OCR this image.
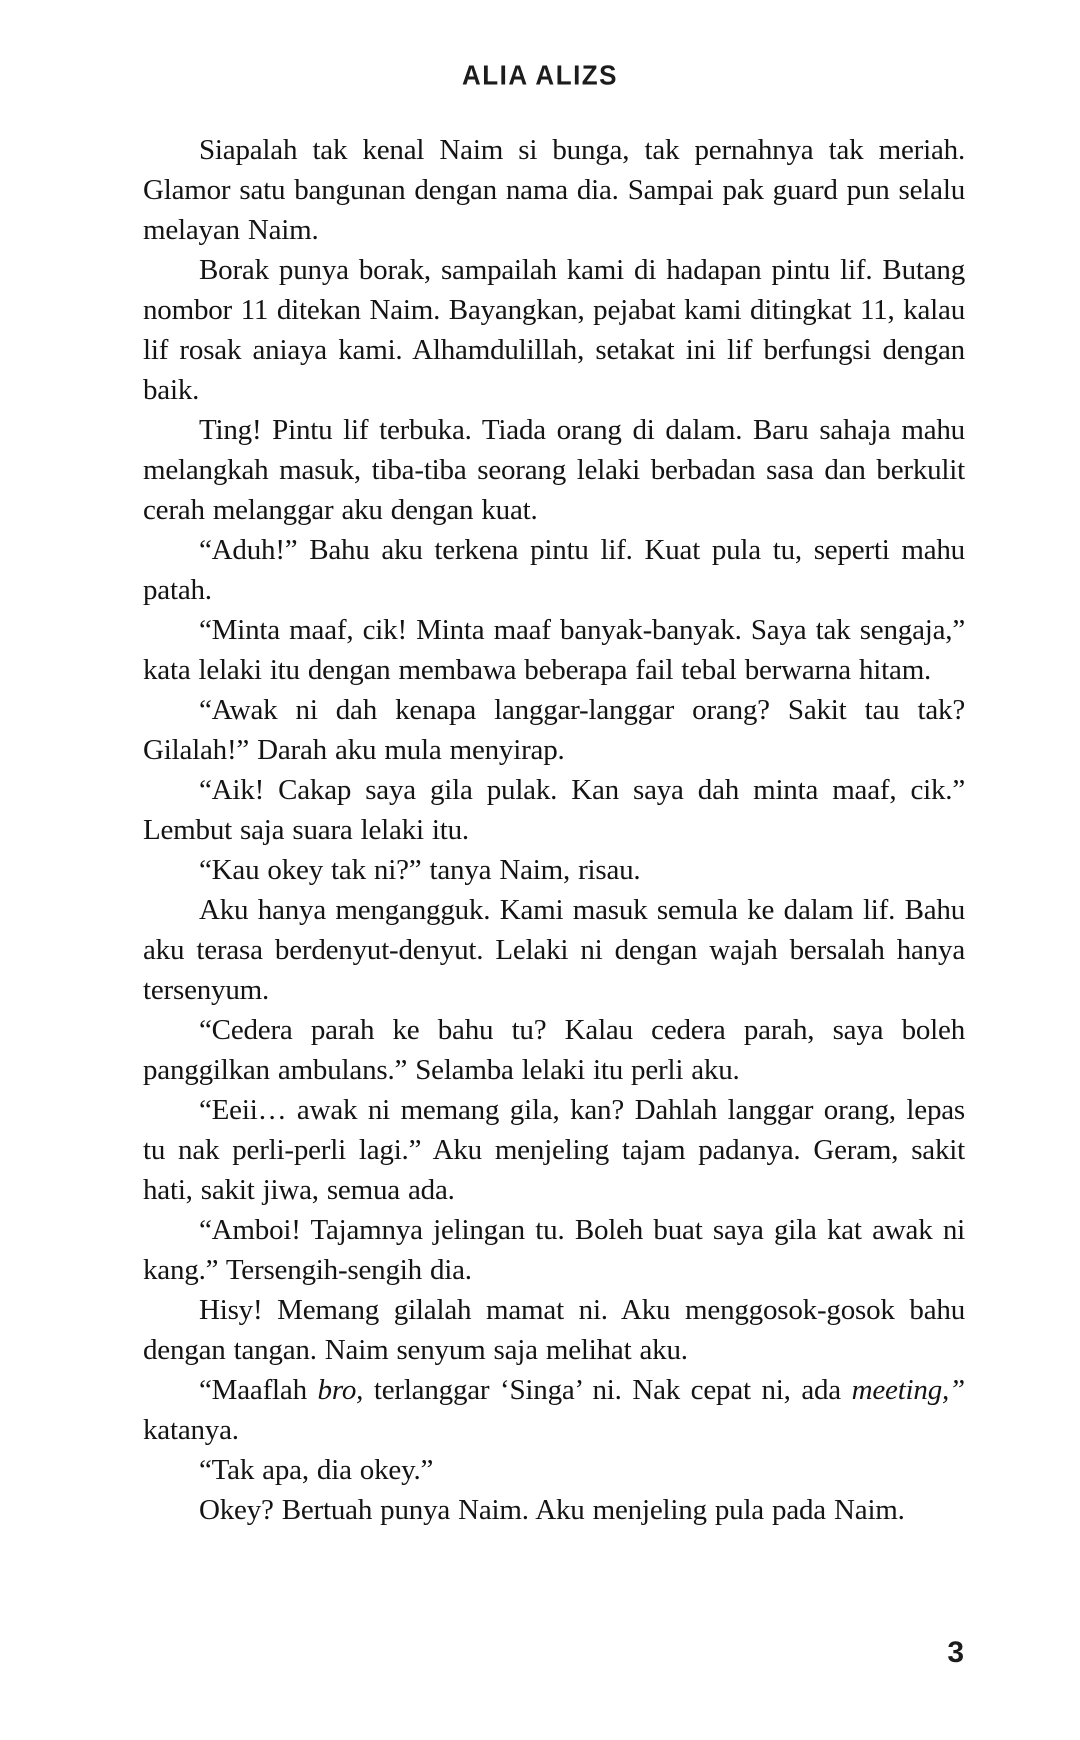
ALIA ALIZS

Siapalah tak kenal Naim si bunga, tak pernahnya tak meriah. Glamor satu bangunan dengan nama dia. Sampai pak guard pun selalu melayan Naim.

Borak punya borak, sampailah kami di hadapan pintu lif. Butang nombor 11 ditekan Naim. Bayangkan, pejabat kami ditingkat 11, kalau lif rosak aniaya kami. Alhamdulillah, setakat ini lif berfungsi dengan baik.

Ting! Pintu lif terbuka. Tiada orang di dalam. Baru sahaja mahu melangkah masuk, tiba-tiba seorang lelaki berbadan sasa dan berkulit cerah melanggar aku dengan kuat.

“Aduh!” Bahu aku terkena pintu lif. Kuat pula tu, seperti mahu patah.

“Minta maaf, cik! Minta maaf banyak-banyak. Saya tak sengaja,” kata lelaki itu dengan membawa beberapa fail tebal berwarna hitam.

“Awak ni dah kenapa langgar-langgar orang? Sakit tau tak? Gilalah!” Darah aku mula menyirap.

“Aik! Cakap saya gila pulak. Kan saya dah minta maaf, cik.” Lembut saja suara lelaki itu.

“Kau okey tak ni?” tanya Naim, risau.

Aku hanya mengangguk. Kami masuk semula ke dalam lif. Bahu aku terasa berdenyut-denyut. Lelaki ni dengan wajah bersalah hanya tersenyum.

“Cedera parah ke bahu tu? Kalau cedera parah, saya boleh panggilkan ambulans.” Selamba lelaki itu perli aku.

“Eeii… awak ni memang gila, kan? Dahlah langgar orang, lepas tu nak perli-perli lagi.” Aku menjeling tajam padanya. Geram, sakit hati, sakit jiwa, semua ada.

“Amboi! Tajamnya jelingan tu. Boleh buat saya gila kat awak ni kang.” Tersengih-sengih dia.

Hisy! Memang gilalah mamat ni. Aku menggosok-gosok bahu dengan tangan. Naim senyum saja melihat aku.

“Maaflah bro, terlanggar ‘Singa’ ni. Nak cepat ni, ada meeting,” katanya.

“Tak apa, dia okey.”

Okey? Bertuah punya Naim. Aku menjeling pula pada Naim.

3
